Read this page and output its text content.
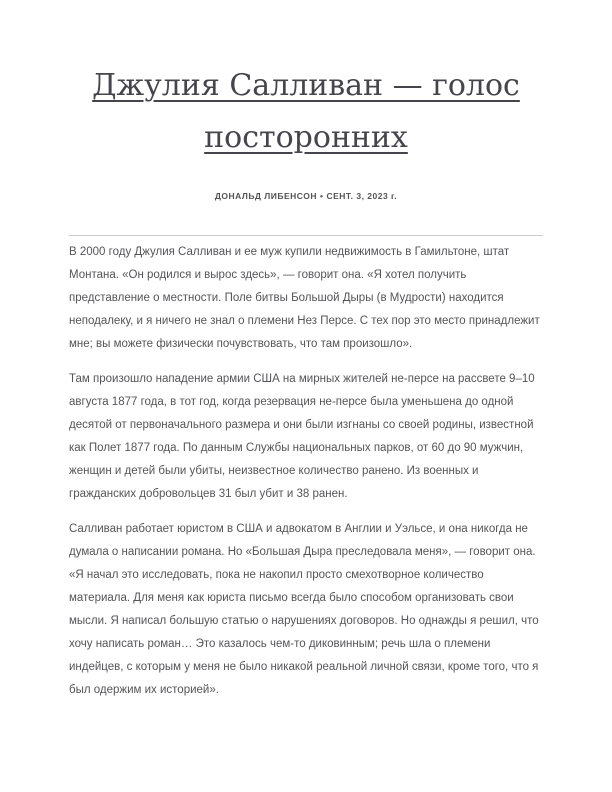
Джулия Салливан — голос посторонних
ДОНАЛЬД ЛИБЕНСОН • СЕНТ. 3, 2023 г.

В 2000 году Джулия Салливан и ее муж купили недвижимость в Гамильтоне, штат Монтана. «Он родился и вырос здесь», — говорит она. «Я хотел получить представление о местности. Поле битвы Большой Дыры (в Мудрости) находится неподалеку, и я ничего не знал о племени Нез Персе. С тех пор это место принадлежит мне; вы можете физически почувствовать, что там произошло».

Там произошло нападение армии США на мирных жителей не-персе на рассвете 9–10 августа 1877 года, в тот год, когда резервация не-персе была уменьшена до одной десятой от первоначального размера и они были изгнаны со своей родины, известной как Полет 1877 года. По данным Службы национальных парков, от 60 до 90 мужчин, женщин и детей были убиты, неизвестное количество ранено. Из военных и гражданских добровольцев 31 был убит и 38 ранен.

Салливан работает юристом в США и адвокатом в Англии и Уэльсе, и она никогда не думала о написании романа. Но «Большая Дыра преследовала меня», — говорит она. «Я начал это исследовать, пока не накопил просто смехотворное количество материала. Для меня как юриста письмо всегда было способом организовать свои мысли. Я написал большую статью о нарушениях договоров. Но однажды я решил, что хочу написать роман… Это казалось чем-то диковинным; речь шла о племени индейцев, с которым у меня не было никакой реальной личной связи, кроме того, что я был одержим их историей».
